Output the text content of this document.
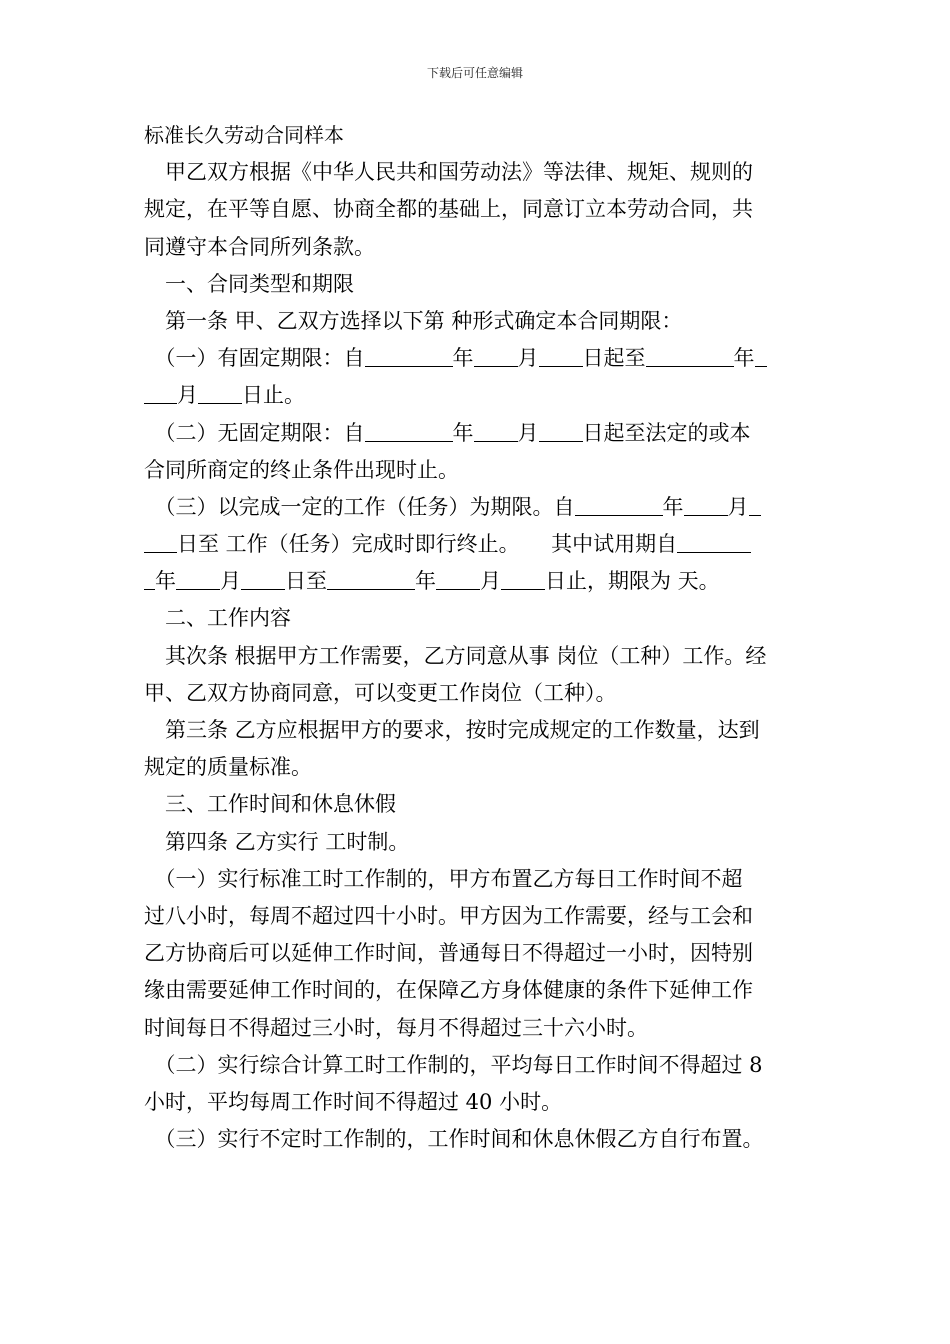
下载后可任意编辑
标准长久劳动合同样本
　甲乙双方根据《中华人民共和国劳动法》等法律、规矩、规则的
规定，在平等自愿、协商全都的基础上，同意订立本劳动合同，共
同遵守本合同所列条款。
　一、合同类型和期限
　第一条 甲、乙双方选择以下第 种形式确定本合同期限：
　（一）有固定期限：自	年 月 日起至	年
月 日止。
　（二）无固定期限：自	年 月 日起至法定的或本
合同所商定的终止条件出现时止。
　（三）以完成一定的工作（任务）为期限。自	年 月
日至 工作（任务）完成时即行终止。　　其中试用期自
年 月 日至	年 月 日止，期限为 天。
　二、工作内容
　其次条 根据甲方工作需要，乙方同意从事 岗位（工种）工作。经
甲、乙双方协商同意，可以变更工作岗位（工种）。
　第三条 乙方应根据甲方的要求，按时完成规定的工作数量，达到
规定的质量标准。
　三、工作时间和休息休假
　第四条 乙方实行 工时制。
　（一）实行标准工时工作制的，甲方布置乙方每日工作时间不超
过八小时，每周不超过四十小时。甲方因为工作需要，经与工会和
乙方协商后可以延伸工作时间，普通每日不得超过一小时，因特别
缘由需要延伸工作时间的，在保障乙方身体健康的条件下延伸工作
时间每日不得超过三小时，每月不得超过三十六小时。
　（二）实行综合计算工时工作制的，平均每日工作时间不得超过 8
小时，平均每周工作时间不得超过 40 小时。
　（三）实行不定时工作制的，工作时间和休息休假乙方自行布置。
